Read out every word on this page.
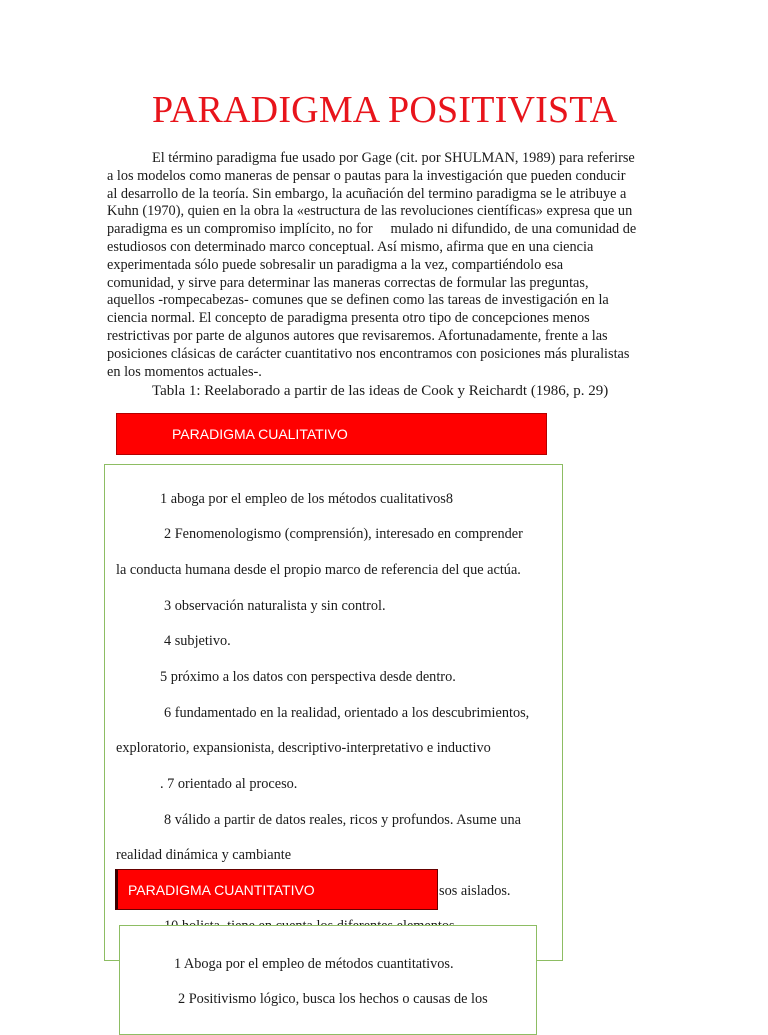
PARADIGMA POSITIVISTA

El término paradigma fue usado por Gage (cit. por SHULMAN, 1989) para referirse
a los modelos como maneras de pensar o pautas para la investigación que pueden conducir
al desarrollo de la teoría. Sin embargo, la acuñación del termino paradigma se le atribuye a
Kuhn (1970), quien en la obra la «estructura de las revoluciones científicas» expresa que un
paradigma es un compromiso implícito, no for     mulado ni difundido, de una comunidad de
estudiosos con determinado marco conceptual. Así mismo, afirma que en una ciencia
experimentada sólo puede sobresalir un paradigma a la vez, compartiéndolo esa
comunidad, y sirve para determinar las maneras correctas de formular las preguntas,
aquellos -rompecabezas- comunes que se definen como las tareas de investigación en la
ciencia normal. El concepto de paradigma presenta otro tipo de concepciones menos
restrictivas por parte de algunos autores que revisaremos. Afortunadamente, frente a las
posiciones clásicas de carácter cuantitativo nos encontramos con posiciones más pluralistas
en los momentos actuales-.

Tabla 1: Reelaborado a partir de las ideas de Cook y Reichardt (1986, p. 29)
PARADIGMA CUALITATIVO

1 aboga por el empleo de los métodos cualitativos8

2 Fenomenologismo (comprensión), interesado en comprender

la conducta humana desde el propio marco de referencia del que actúa.

3 observación naturalista y sin control.

4 subjetivo.

5 próximo a los datos con perspectiva desde dentro.

6 fundamentado en la realidad, orientado a los descubrimientos,

exploratorio, expansionista, descriptivo-interpretativo e inductivo

. 7 orientado al proceso.

8 válido a partir de datos reales, ricos y profundos. Asume una

realidad dinámica y cambiante

sos aislados.

PARADIGMA CUANTITATIVO

1 Aboga por el empleo de métodos cuantitativos.

2 Positivismo lógico, busca los hechos o causas de los
